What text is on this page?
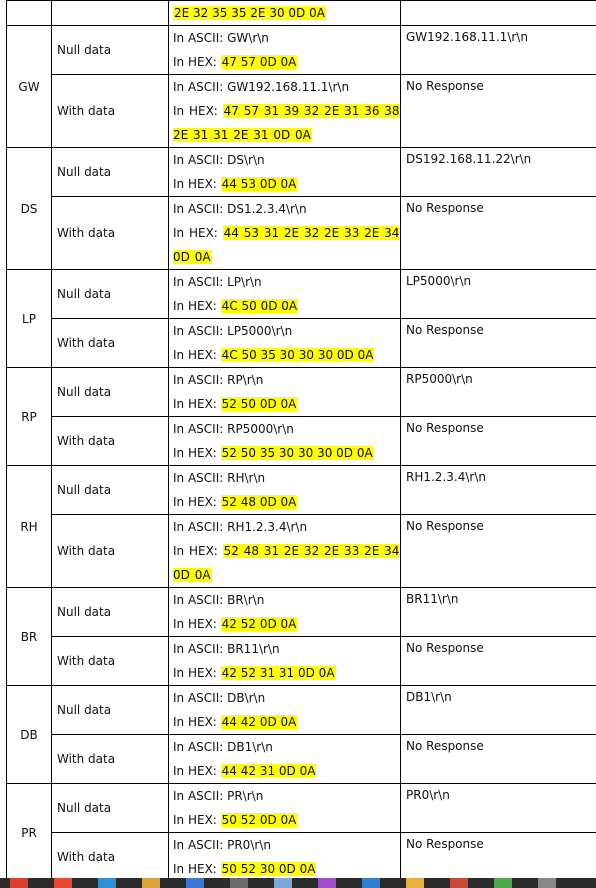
		2E 32 35 35 2E 30 0D 0A	

GW	Null data	In ASCII: GW\r\n
In HEX: 47 57 0D 0A	GW192.168.11.1\r\n
	With data	In ASCII: GW192.168.11.1\r\n
In HEX: 47 57 31 39 32 2E 31 36 38 2E 31 31 2E 31 0D 0A	No Response
DS	Null data	In ASCII: DS\r\n
In HEX: 44 53 0D 0A	DS192.168.11.22\r\n
	With data	In ASCII: DS1.2.3.4\r\n
In HEX: 44 53 31 2E 32 2E 33 2E 34 0D 0A	No Response
LP	Null data	In ASCII: LP\r\n
In HEX: 4C 50 0D 0A	LP5000\r\n
	With data	In ASCII: LP5000\r\n
In HEX: 4C 50 35 30 30 30 0D 0A	No Response
RP	Null data	In ASCII: RP\r\n
In HEX: 52 50 0D 0A	RP5000\r\n
	With data	In ASCII: RP5000\r\n
In HEX: 52 50 35 30 30 30 0D 0A	No Response
RH	Null data	In ASCII: RH\r\n
In HEX: 52 48 0D 0A	RH1.2.3.4\r\n
	With data	In ASCII: RH1.2.3.4\r\n
In HEX: 52 48 31 2E 32 2E 33 2E 34 0D 0A	No Response
BR	Null data	In ASCII: BR\r\n
In HEX: 42 52 0D 0A	BR11\r\n
	With data	In ASCII: BR11\r\n
In HEX: 42 52 31 31 0D 0A	No Response
DB	Null data	In ASCII: DB\r\n
In HEX: 44 42 0D 0A	DB1\r\n
	With data	In ASCII: DB1\r\n
In HEX: 44 42 31 0D 0A	No Response
PR	Null data	In ASCII: PR\r\n
In HEX: 50 52 0D 0A	PR0\r\n
	With data	In ASCII: PR0\r\n
In HEX: 50 52 30 0D 0A	No Response
